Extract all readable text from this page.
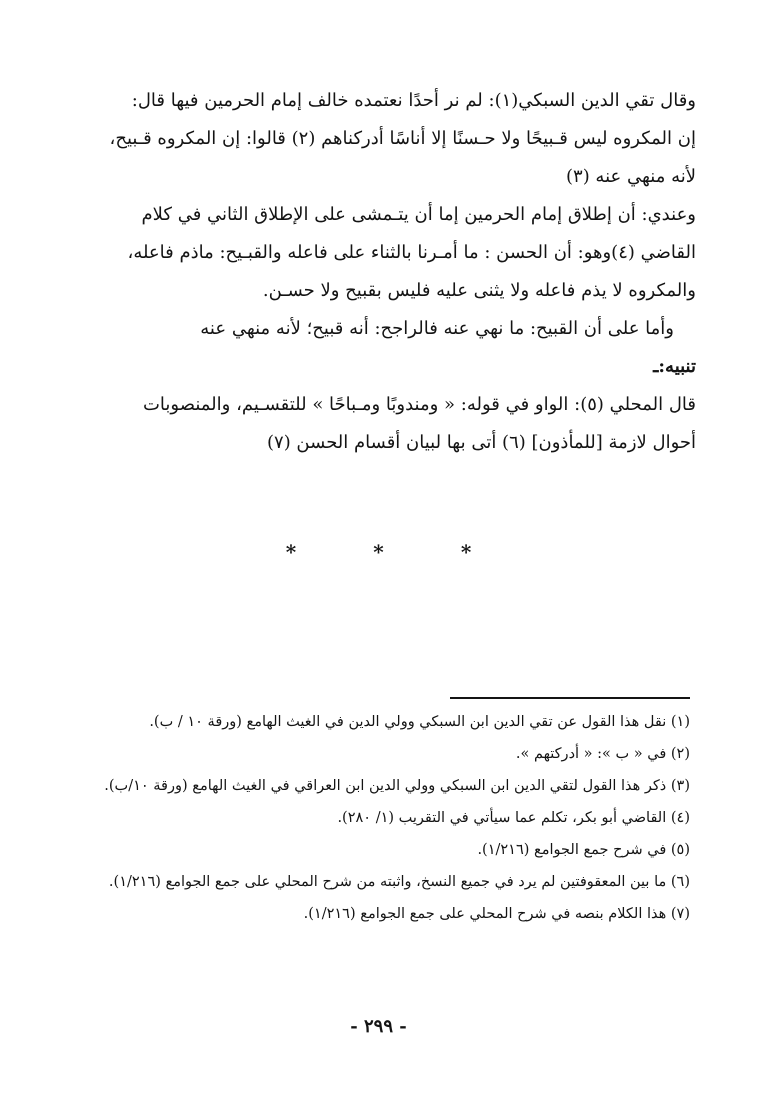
وقال تقي الدين السبكي(١): لم نر أحدًا نعتمده خالف إمام الحرمين فيها قال:
إن المكروه ليس قـبيحًا ولا حـسنًا إلا أناسًا أدركناهم (٢) قالوا: إن المكروه قـبيح،
لأنه منهي عنه (٣)
وعندي: أن إطلاق إمام الحرمين إما أن يتـمشى على الإطلاق الثاني في كلام
القاضي (٤)وهو: أن الحسن : ما أمـرنا بالثناء على فاعله والقبـيح: ماذم فاعله،
والمكروه لا يذم فاعله ولا يثنى عليه فليس بقبيح ولا حسـن.
وأما على أن القبيح: ما نهي عنه فالراجح: أنه قبيح؛ لأنه منهي عنه
تنبيه:ـ
قال المحلي (٥): الواو في قوله: « ومندوبًا ومـباحًا » للتقسـيم، والمنصوبات
أحوال لازمة [للمأذون] (٦) أتى بها لبيان أقسام الحسن (٧)
*	*	*
(١) نقل هذا القول عن تقي الدين ابن السبكي وولي الدين في الغيث الهامع (ورقة ١٠ / ب).
(٢) في « ب »: « أدركتهم ».
(٣) ذكر هذا القول لتقي الدين ابن السبكي وولي الدين ابن العراقي في الغيث الهامع (ورقة ١٠/ب).
(٤) القاضي أبو بكر، تكلم عما سيأتي في التقريب (١/ ٢٨٠).
(٥) في شرح جمع الجوامع (١/٢١٦).
(٦) ما بين المعقوفتين لم يرد في جميع النسخ، واثبته من شرح المحلي على جمع الجوامع (١/٢١٦).
(٧) هذا الكلام بنصه في شرح المحلي على جمع الجوامع (١/٢١٦).
- ٢٩٩ -
